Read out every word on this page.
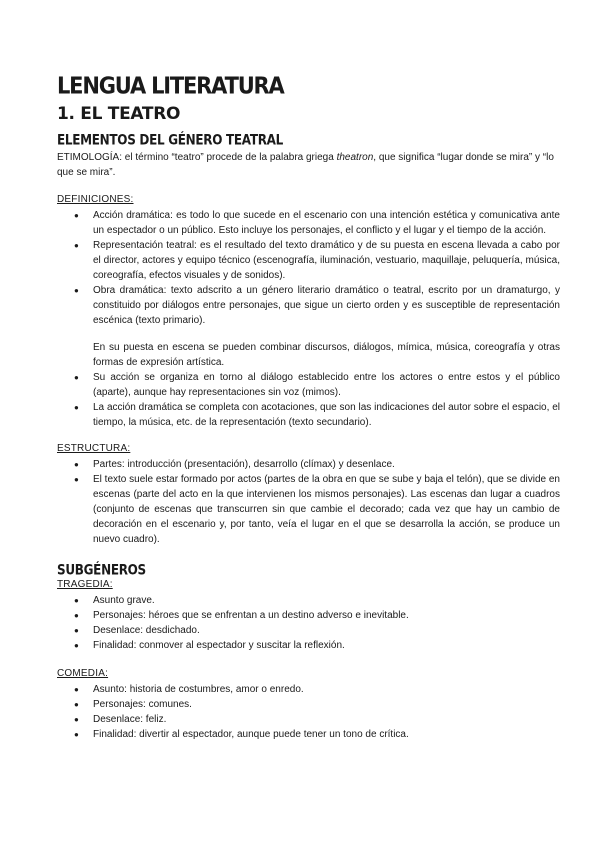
LENGUA LITERATURA
1. EL TEATRO
ELEMENTOS DEL GÉNERO TEATRAL
ETIMOLOGÍA: el término “teatro” procede de la palabra griega theatron, que significa “lugar donde se mira” y “lo que se mira”.
DEFINICIONES:
● Acción dramática: es todo lo que sucede en el escenario con una intención estética y comunicativa ante un espectador o un público. Esto incluye los personajes, el conflicto y el lugar y el tiempo de la acción.
● Representación teatral: es el resultado del texto dramático y de su puesta en escena llevada a cabo por el director, actores y equipo técnico (escenografía, iluminación, vestuario, maquillaje, peluquería, música, coreografía, efectos visuales y de sonidos).
● Obra dramática: texto adscrito a un género literario dramático o teatral, escrito por un dramaturgo, y constituido por diálogos entre personajes, que sigue un cierto orden y es susceptible de representación escénica (texto primario).
En su puesta en escena se pueden combinar discursos, diálogos, mímica, música, coreografía y otras formas de expresión artística.
● Su acción se organiza en torno al diálogo establecido entre los actores o entre estos y el público (aparte), aunque hay representaciones sin voz (mimos).
● La acción dramática se completa con acotaciones, que son las indicaciones del autor sobre el espacio, el tiempo, la música, etc. de la representación (texto secundario).
ESTRUCTURA:
● Partes: introducción (presentación), desarrollo (clímax) y desenlace.
● El texto suele estar formado por actos (partes de la obra en que se sube y baja el telón), que se divide en escenas (parte del acto en la que intervienen los mismos personajes). Las escenas dan lugar a cuadros (conjunto de escenas que transcurren sin que cambie el decorado; cada vez que hay un cambio de decoración en el escenario y, por tanto, veía el lugar en el que se desarrolla la acción, se produce un nuevo cuadro).
SUBGÉNEROS
TRAGEDIA:
● Asunto grave.
● Personajes: héroes que se enfrentan a un destino adverso e inevitable.
● Desenlace: desdichado.
● Finalidad: conmover al espectador y suscitar la reflexión.
COMEDIA:
● Asunto: historia de costumbres, amor o enredo.
● Personajes: comunes.
● Desenlace: feliz.
● Finalidad: divertir al espectador, aunque puede tener un tono de crítica.
